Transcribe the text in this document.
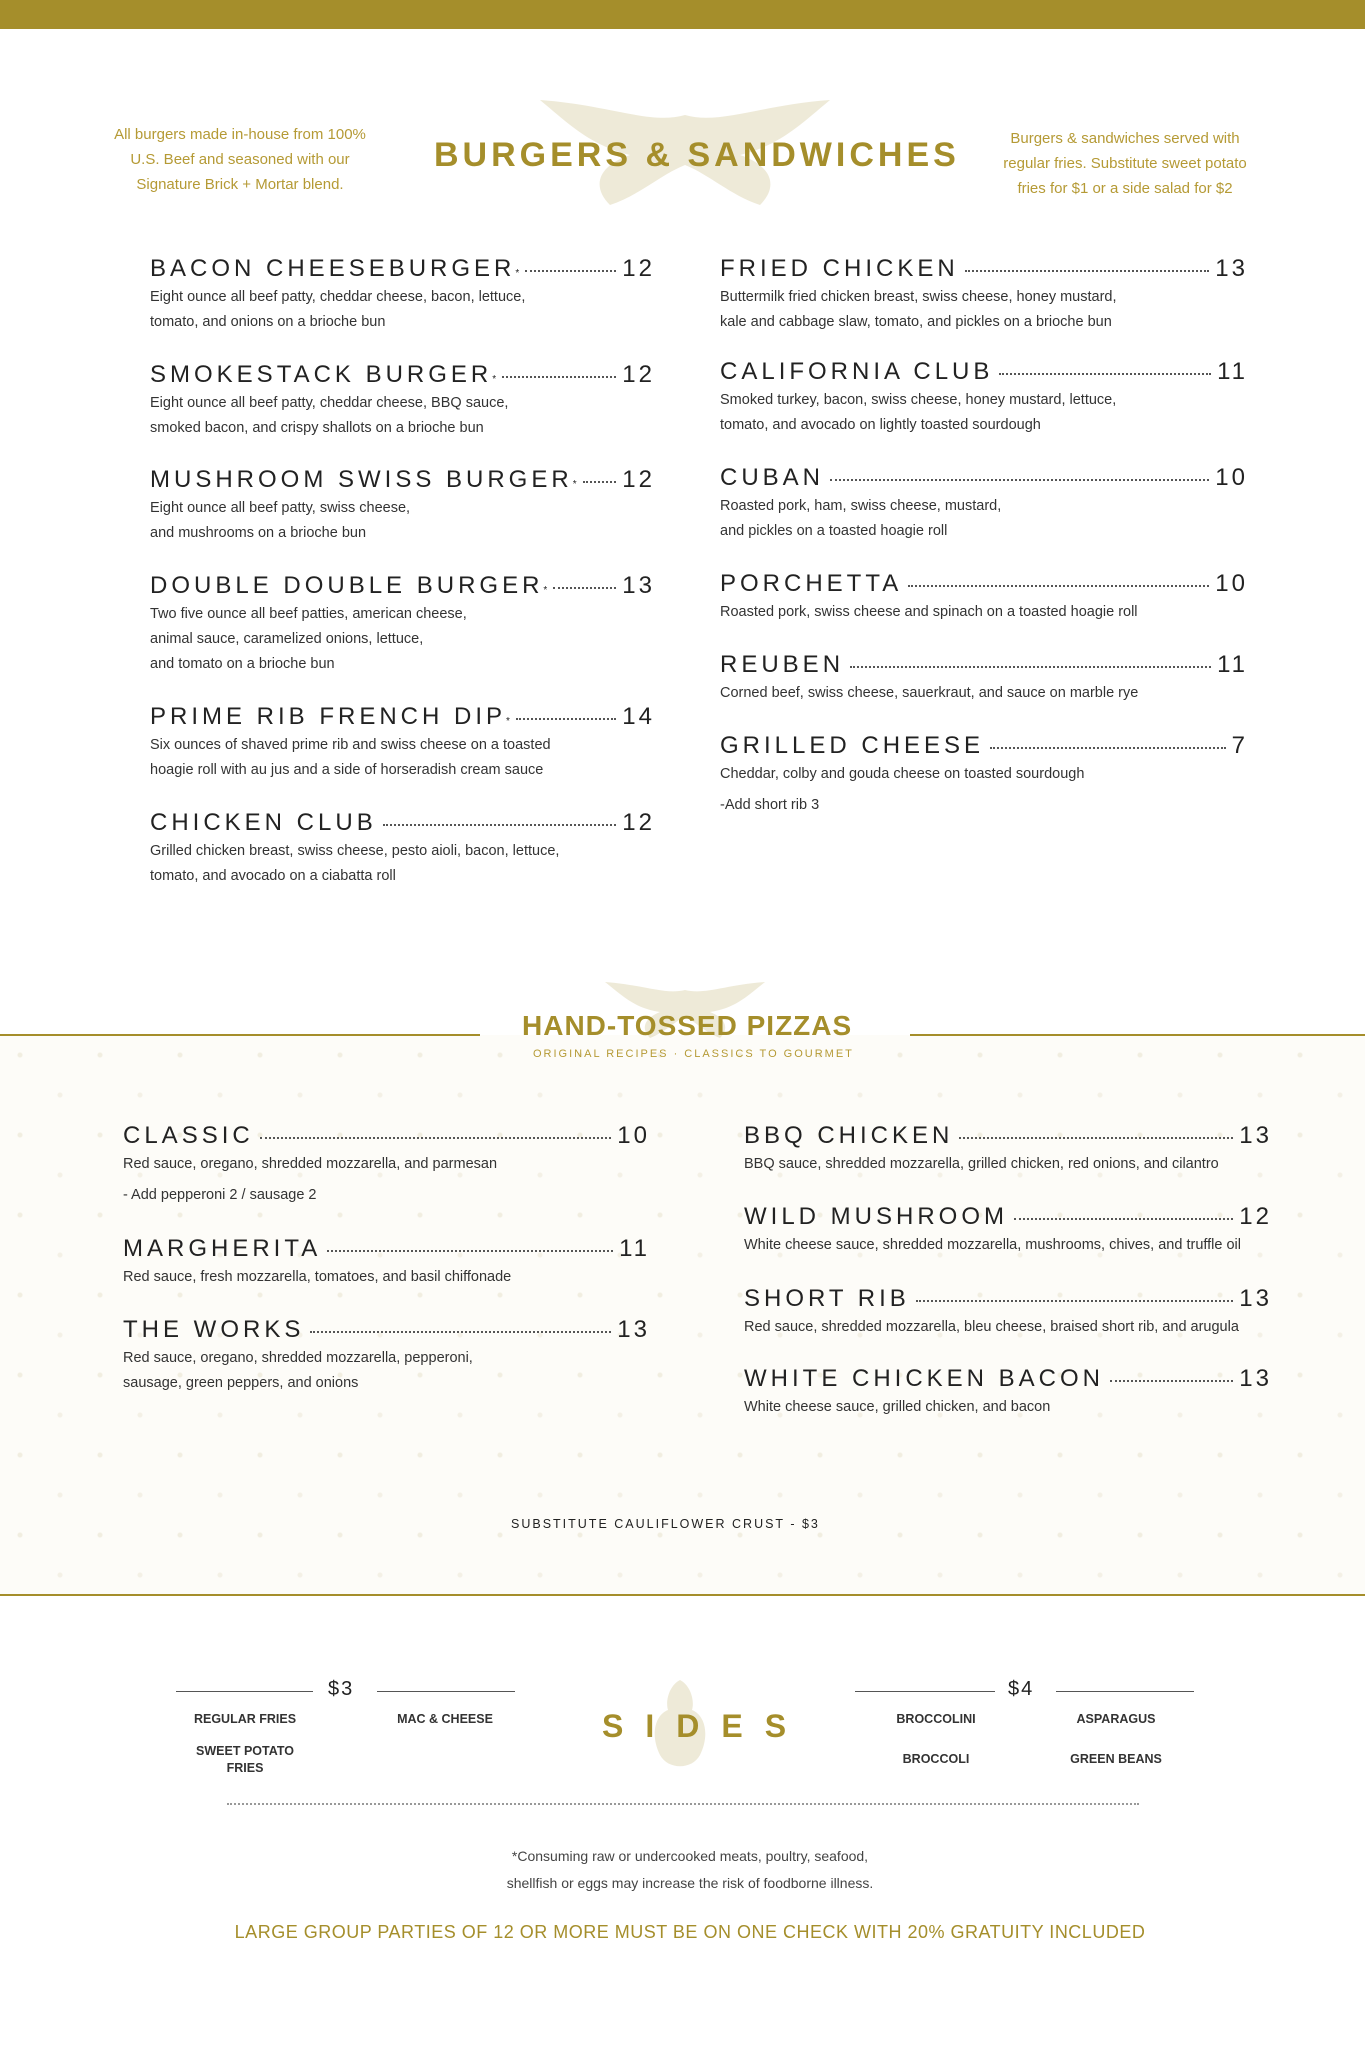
All burgers made in-house from 100%
U.S. Beef and seasoned with our
Signature Brick + Mortar blend.
BURGERS & SANDWICHES	Burgers & sandwiches served with
regular fries. Substitute sweet potato
fries for $1 or a side salad for $2
BACON CHEESEBURGER *	12
Eight ounce all beef patty, cheddar cheese, bacon, lettuce,
tomato, and onions on a brioche bun
SMOKESTACK BURGER *	12
Eight ounce all beef patty, cheddar cheese, BBQ sauce,
smoked bacon, and crispy shallots on a brioche bun
MUSHROOM SWISS BURGER * 12
Eight ounce all beef patty, swiss cheese,
and mushrooms on a brioche bun
DOUBLE DOUBLE BURGER *	13
Two five ounce all beef patties, american cheese,
animal sauce, caramelized onions, lettuce,
and tomato on a brioche bun
PRIME RIB FRENCH DIP *	14
Six ounces of shaved prime rib and swiss cheese on a toasted
hoagie roll with au jus and a side of horseradish cream sauce
CHICKEN CLUB	12
Grilled chicken breast, swiss cheese, pesto aioli, bacon, lettuce,
tomato, and avocado on a ciabatta roll
FRIED CHICKEN	13
Buttermilk fried chicken breast, swiss cheese, honey mustard,
kale and cabbage slaw, tomato, and pickles on a brioche bun
CALIFORNIA CLUB	11
Smoked turkey, bacon, swiss cheese, honey mustard, lettuce,
tomato, and avocado on lightly toasted sourdough
CUBAN	10
Roasted pork, ham, swiss cheese, mustard,
and pickles on a toasted hoagie roll
PORCHETTA	10
Roasted pork, swiss cheese and spinach on a toasted hoagie roll
REUBEN	11
Corned beef, swiss cheese, sauerkraut, and sauce on marble rye
GRILLED CHEESE	7
Cheddar, colby and gouda cheese on toasted sourdough
-Add short rib 3
HAND-TOSSED PIZZAS
ORIGINAL RECIPES · CLASSICS TO GOURMET
CLASSIC	10
Red sauce, oregano, shredded mozzarella, and parmesan
- Add pepperoni 2 / sausage 2
MARGHERITA	11
Red sauce, fresh mozzarella, tomatoes, and basil chiffonade
THE WORKS	13
Red sauce, oregano, shredded mozzarella, pepperoni,
sausage, green peppers, and onions
BBQ CHICKEN	13
BBQ sauce, shredded mozzarella, grilled chicken, red onions, and cilantro
WILD MUSHROOM	12
White cheese sauce, shredded mozzarella, mushrooms, chives, and truffle oil
SHORT RIB	13
Red sauce, shredded mozzarella, bleu cheese, braised short rib, and arugula
WHITE CHICKEN BACON	13
White cheese sauce, grilled chicken, and bacon
SUBSTITUTE CAULIFLOWER CRUST - $3
$3
REGULAR FRIES
SWEET POTATO FRIES
MAC & CHEESE	SIDES
$4
BROCCOLINI
BROCCOLI
ASPARAGUS
GREEN BEANS
*Consuming raw or undercooked meats, poultry, seafood,
shellfish or eggs may increase the risk of foodborne illness.
LARGE GROUP PARTIES OF 12 OR MORE MUST BE ON ONE CHECK WITH 20% GRATUITY INCLUDED
